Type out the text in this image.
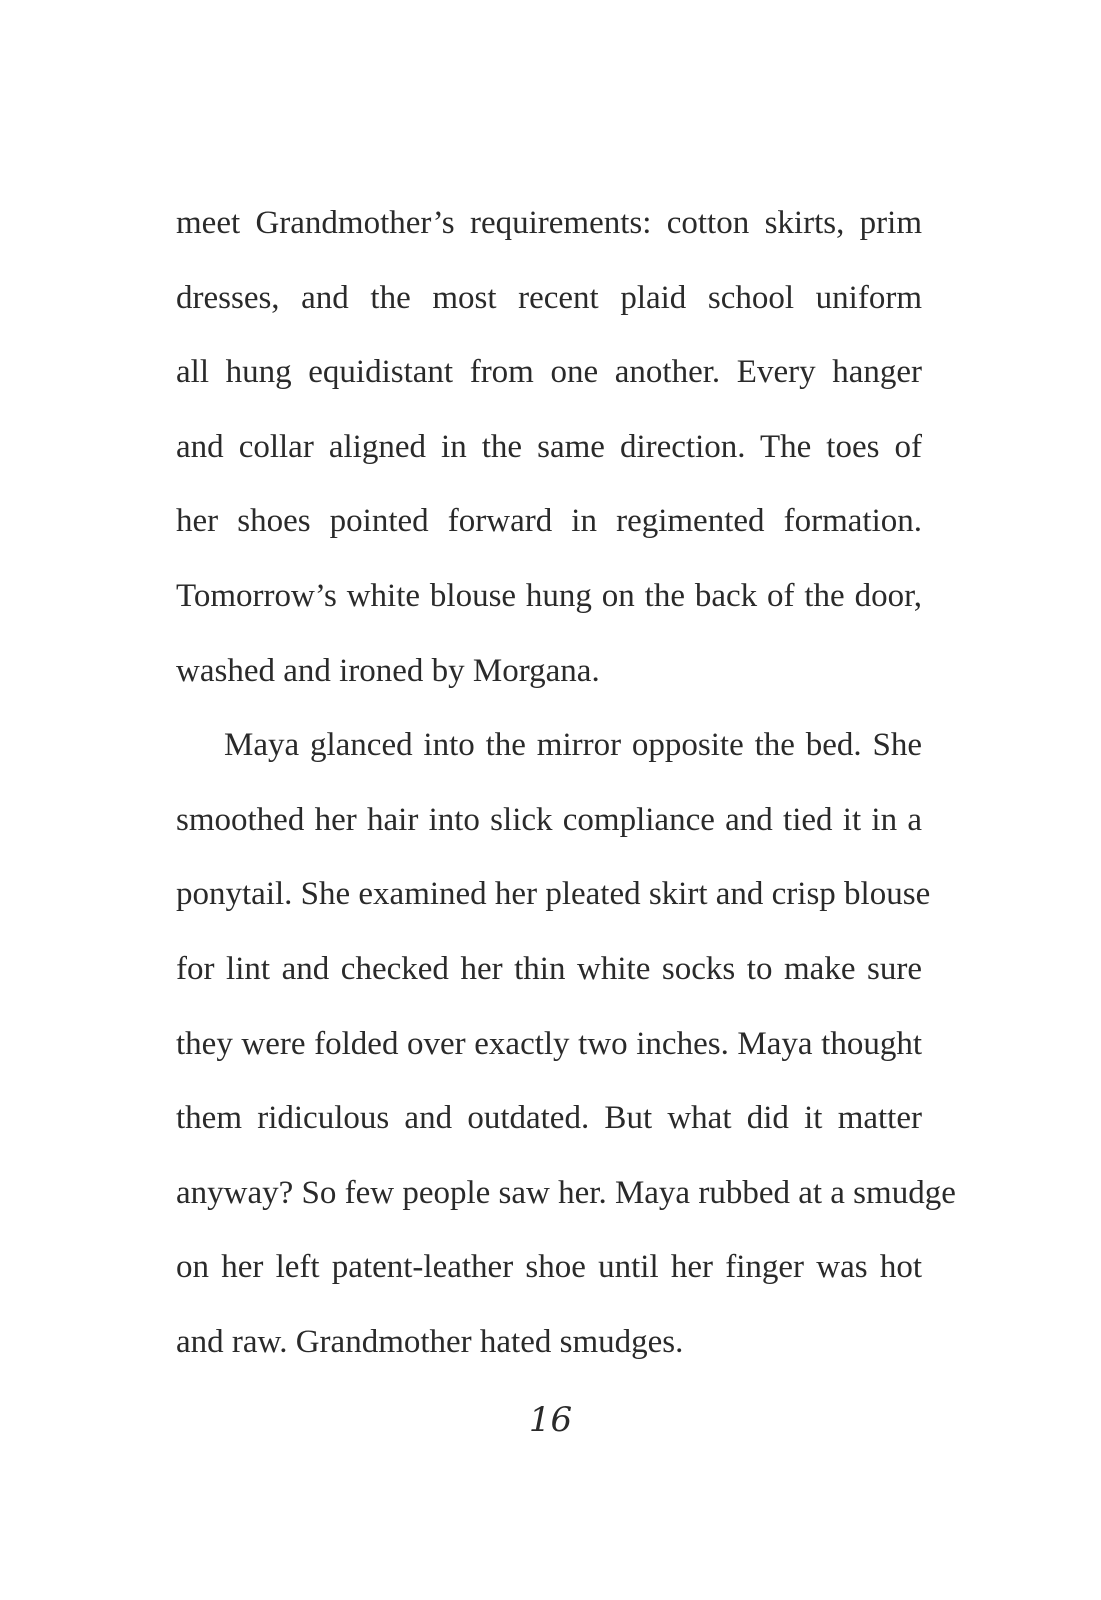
meet Grandmother’s requirements: cotton skirts, prim
dresses, and the most recent plaid school uniform
all hung equidistant from one another. Every hanger
and collar aligned in the same direction. The toes of
her shoes pointed forward in regimented formation.
Tomorrow’s white blouse hung on the back of the door,
washed and ironed by Morgana.
Maya glanced into the mirror opposite the bed. She
smoothed her hair into slick compliance and tied it in a
ponytail. She examined her pleated skirt and crisp blouse
for lint and checked her thin white socks to make sure
they were folded over exactly two inches. Maya thought
them ridiculous and outdated. But what did it matter
anyway? So few people saw her. Maya rubbed at a smudge
on her left patent-leather shoe until her finger was hot
and raw. Grandmother hated smudges.
16
